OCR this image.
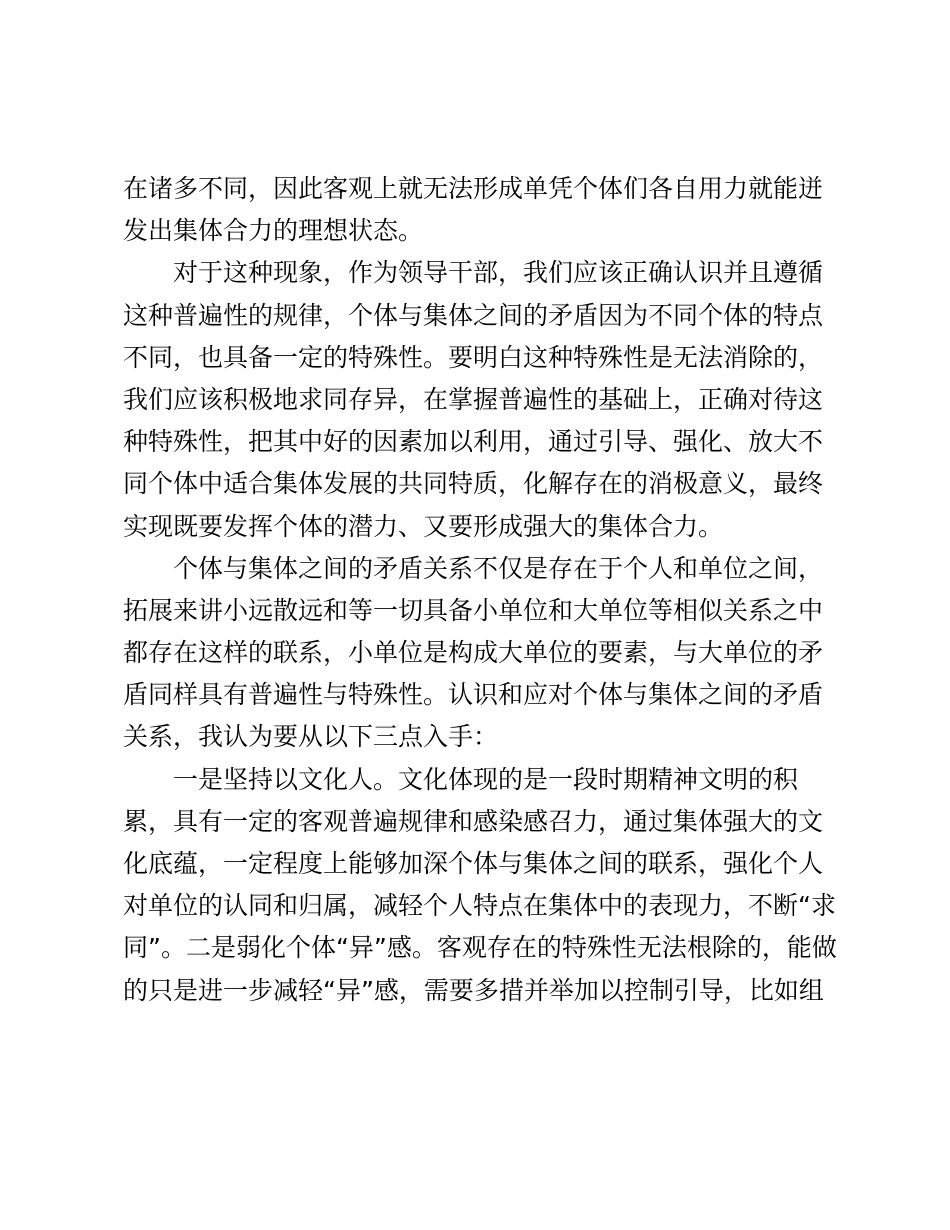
在诸多不同，因此客观上就无法形成单凭个体们各自用力就能迸
发出集体合力的理想状态。
对于这种现象，作为领导干部，我们应该正确认识并且遵循
这种普遍性的规律，个体与集体之间的矛盾因为不同个体的特点
不同，也具备一定的特殊性。要明白这种特殊性是无法消除的，
我们应该积极地求同存异，在掌握普遍性的基础上，正确对待这
种特殊性，把其中好的因素加以利用，通过引导、强化、放大不
同个体中适合集体发展的共同特质，化解存在的消极意义，最终
实现既要发挥个体的潜力、又要形成强大的集体合力。
个体与集体之间的矛盾关系不仅是存在于个人和单位之间，
拓展来讲小远散远和等一切具备小单位和大单位等相似关系之中
都存在这样的联系，小单位是构成大单位的要素，与大单位的矛
盾同样具有普遍性与特殊性。认识和应对个体与集体之间的矛盾
关系，我认为要从以下三点入手：
一是坚持以文化人。文化体现的是一段时期精神文明的积
累，具有一定的客观普遍规律和感染感召力，通过集体强大的文
化底蕴，一定程度上能够加深个体与集体之间的联系，强化个人
对单位的认同和归属，减轻个人特点在集体中的表现力，不断“求
同”。二是弱化个体“异”感。客观存在的特殊性无法根除的，能做
的只是进一步减轻“异”感，需要多措并举加以控制引导，比如组
